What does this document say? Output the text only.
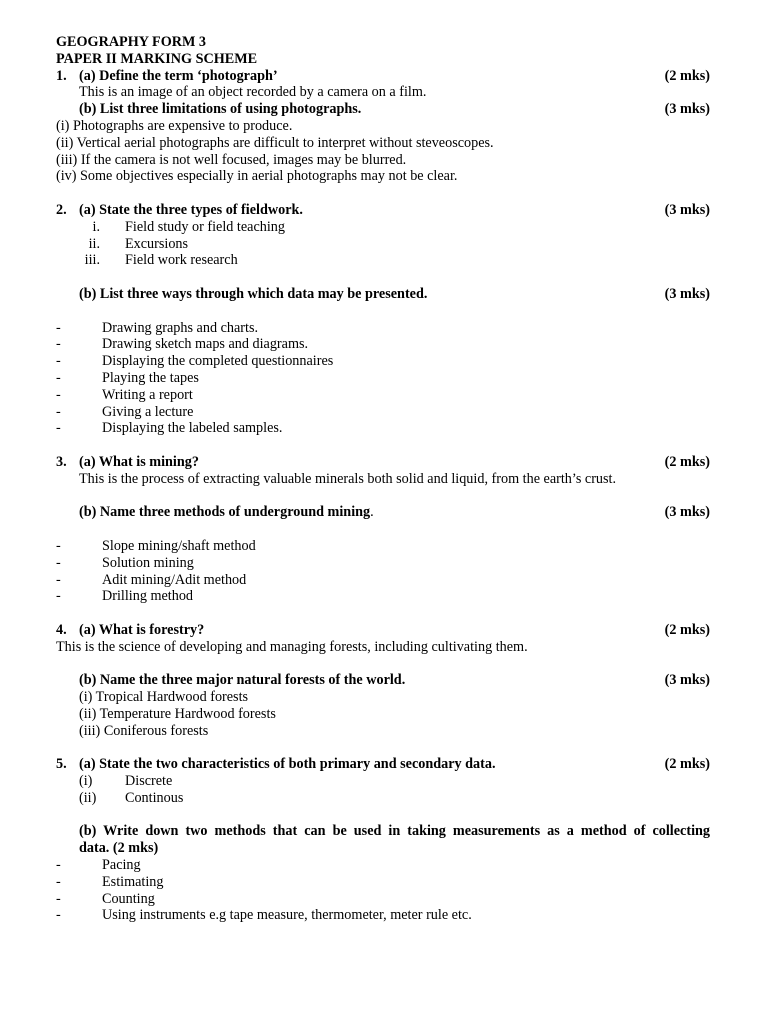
GEOGRAPHY FORM 3
PAPER II MARKING SCHEME
1. (a) Define the term ‘photograph’	(2 mks)
This is an image of an object recorded by a camera on a film.
(b) List three limitations of using photographs.	(3 mks)
(i) Photographs are expensive to produce.
(ii) Vertical aerial photographs are difficult to interpret without steveoscopes.
(iii) If the camera is not well focused, images may be blurred.
(iv) Some objectives especially in aerial photographs may not be clear.
2. (a) State the three types of fieldwork.	(3 mks)
i. Field study or field teaching
ii. Excursions
iii. Field work research
(b) List three ways through which data may be presented.	(3 mks)
-	Drawing graphs and charts.
-	Drawing sketch maps and diagrams.
-	Displaying the completed questionnaires
-	Playing the tapes
-	Writing a report
-	Giving a lecture
-	Displaying the labeled samples.
3. (a) What is mining?	(2 mks)
This is the process of extracting valuable minerals both solid and liquid, from the earth’s crust.
(b) Name three methods of underground mining.	(3 mks)
-	Slope mining/shaft method
-	Solution mining
-	Adit mining/Adit method
-	Drilling method
4. (a) What is forestry?	(2 mks)
This is the science of developing and managing forests, including cultivating them.
(b) Name the three major natural forests of the world.	(3 mks)
(i) Tropical Hardwood forests
(ii) Temperature Hardwood forests
(iii) Coniferous forests
5. (a) State the two characteristics of both primary and secondary data.	(2 mks)
(i) Discrete
(ii) Continous
(b) Write down two methods that can be used in taking measurements as a method of collecting
data. (2 mks)
-	Pacing
-	Estimating
-	Counting
-	Using instruments e.g tape measure, thermometer, meter rule etc.
